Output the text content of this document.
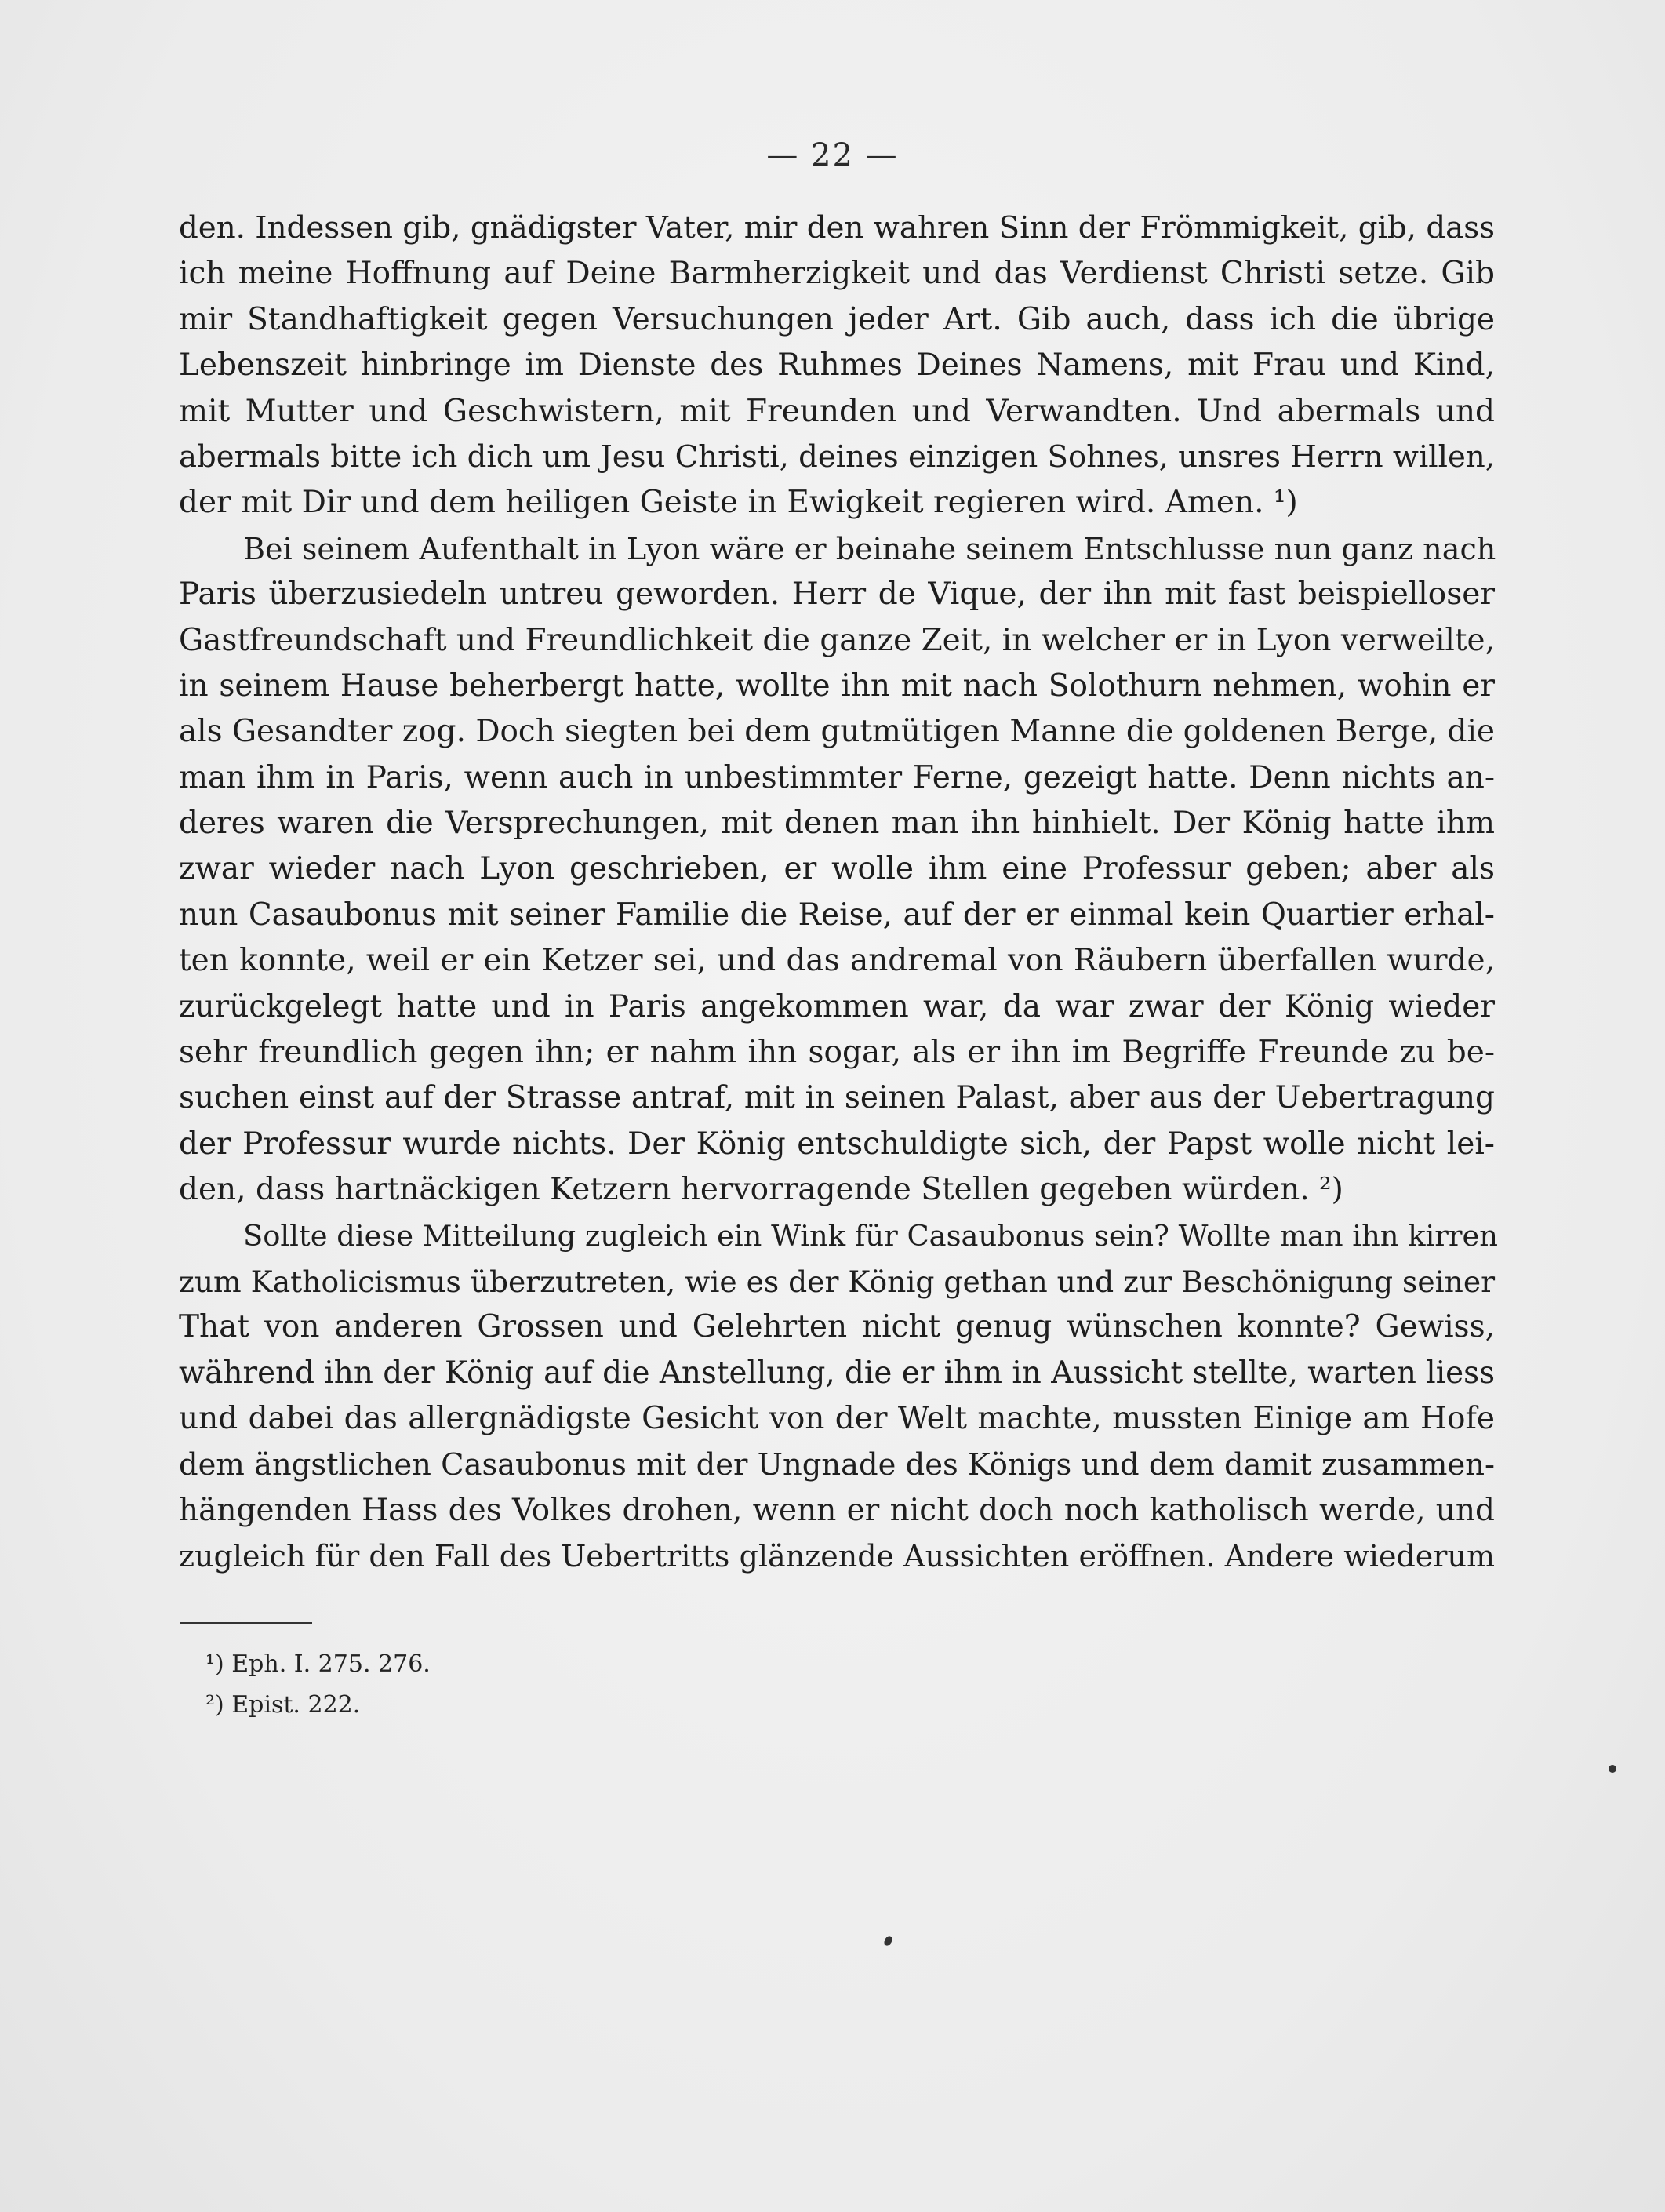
— 22 —
den. Indessen gib, gnädigster Vater, mir den wahren Sinn der Frömmigkeit, gib, dass
ich meine Hoffnung auf Deine Barmherzigkeit und das Verdienst Christi setze. Gib
mir Standhaftigkeit gegen Versuchungen jeder Art. Gib auch, dass ich die übrige
Lebenszeit hinbringe im Dienste des Ruhmes Deines Namens, mit Frau und Kind,
mit Mutter und Geschwistern, mit Freunden und Verwandten. Und abermals und
abermals bitte ich dich um Jesu Christi, deines einzigen Sohnes, unsres Herrn willen,
der mit Dir und dem heiligen Geiste in Ewigkeit regieren wird. Amen. ¹)
Bei seinem Aufenthalt in Lyon wäre er beinahe seinem Entschlusse nun ganz nach
Paris überzusiedeln untreu geworden. Herr de Vique, der ihn mit fast beispielloser
Gastfreundschaft und Freundlichkeit die ganze Zeit, in welcher er in Lyon verweilte,
in seinem Hause beherbergt hatte, wollte ihn mit nach Solothurn nehmen, wohin er
als Gesandter zog. Doch siegten bei dem gutmütigen Manne die goldenen Berge, die
man ihm in Paris, wenn auch in unbestimmter Ferne, gezeigt hatte. Denn nichts an-
deres waren die Versprechungen, mit denen man ihn hinhielt. Der König hatte ihm
zwar wieder nach Lyon geschrieben, er wolle ihm eine Professur geben; aber als
nun Casaubonus mit seiner Familie die Reise, auf der er einmal kein Quartier erhal-
ten konnte, weil er ein Ketzer sei, und das andremal von Räubern überfallen wurde,
zurückgelegt hatte und in Paris angekommen war, da war zwar der König wieder
sehr freundlich gegen ihn; er nahm ihn sogar, als er ihn im Begriffe Freunde zu be-
suchen einst auf der Strasse antraf, mit in seinen Palast, aber aus der Uebertragung
der Professur wurde nichts. Der König entschuldigte sich, der Papst wolle nicht lei-
den, dass hartnäckigen Ketzern hervorragende Stellen gegeben würden. ²)
Sollte diese Mitteilung zugleich ein Wink für Casaubonus sein? Wollte man ihn kirren
zum Katholicismus überzutreten, wie es der König gethan und zur Beschönigung seiner
That von anderen Grossen und Gelehrten nicht genug wünschen konnte? Gewiss,
während ihn der König auf die Anstellung, die er ihm in Aussicht stellte, warten liess
und dabei das allergnädigste Gesicht von der Welt machte, mussten Einige am Hofe
dem ängstlichen Casaubonus mit der Ungnade des Königs und dem damit zusammen-
hängenden Hass des Volkes drohen, wenn er nicht doch noch katholisch werde, und
zugleich für den Fall des Uebertritts glänzende Aussichten eröffnen. Andere wiederum
¹) Eph. I. 275. 276.
²) Epist. 222.
